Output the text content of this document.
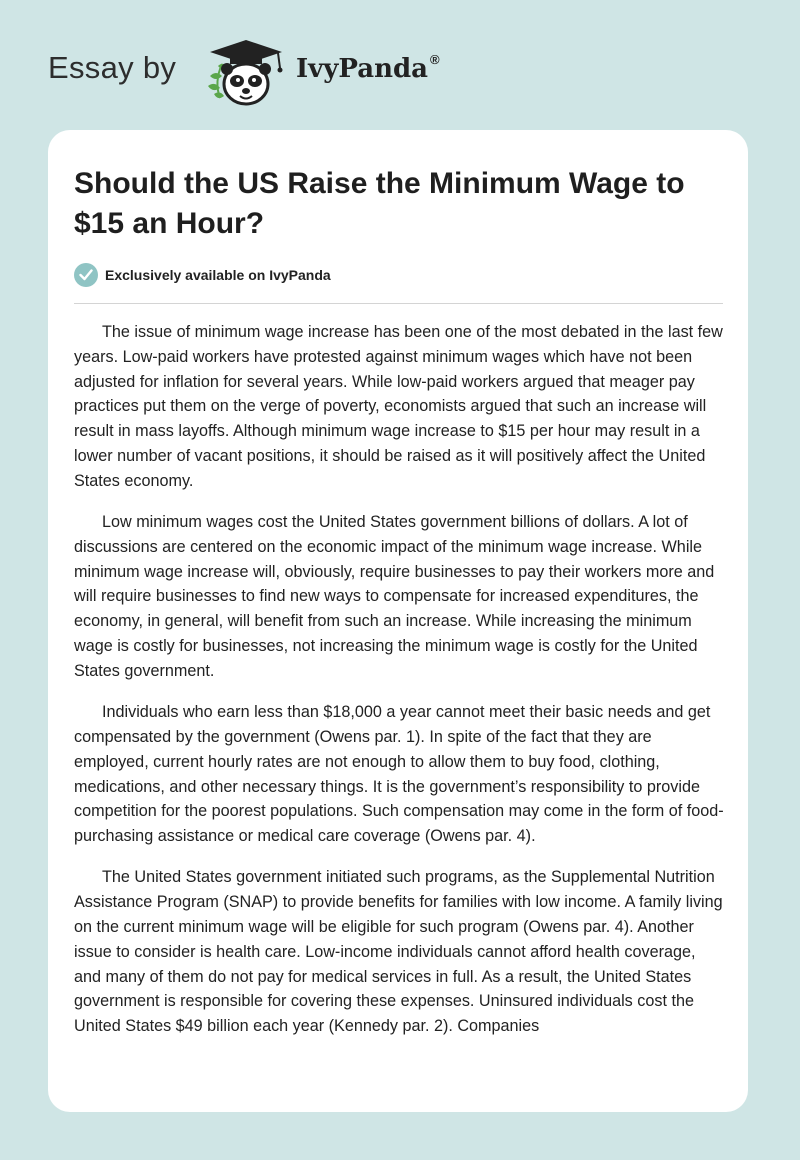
Essay by	IvyPanda ®
Should the US Raise the Minimum Wage to $15 an Hour?
Exclusively available on IvyPanda

The issue of minimum wage increase has been one of the most debated in the last few years. Low-paid workers have protested against minimum wages which have not been adjusted for inflation for several years. While low-paid workers argued that meager pay practices put them on the verge of poverty, economists argued that such an increase will result in mass layoffs. Although minimum wage increase to $15 per hour may result in a lower number of vacant positions, it should be raised as it will positively affect the United States economy.

Low minimum wages cost the United States government billions of dollars. A lot of discussions are centered on the economic impact of the minimum wage increase. While minimum wage increase will, obviously, require businesses to pay their workers more and will require businesses to find new ways to compensate for increased expenditures, the economy, in general, will benefit from such an increase. While increasing the minimum wage is costly for businesses, not increasing the minimum wage is costly for the United States government.

Individuals who earn less than $18,000 a year cannot meet their basic needs and get compensated by the government (Owens par. 1). In spite of the fact that they are employed, current hourly rates are not enough to allow them to buy food, clothing, medications, and other necessary things. It is the government’s responsibility to provide competition for the poorest populations. Such compensation may come in the form of food-purchasing assistance or medical care coverage (Owens par. 4).

The United States government initiated such programs, as the Supplemental Nutrition Assistance Program (SNAP) to provide benefits for families with low income. A family living on the current minimum wage will be eligible for such program (Owens par. 4). Another issue to consider is health care. Low-income individuals cannot afford health coverage, and many of them do not pay for medical services in full. As a result, the United States government is responsible for covering these expenses. Uninsured individuals cost the United States $49 billion each year (Kennedy par. 2). Companies
